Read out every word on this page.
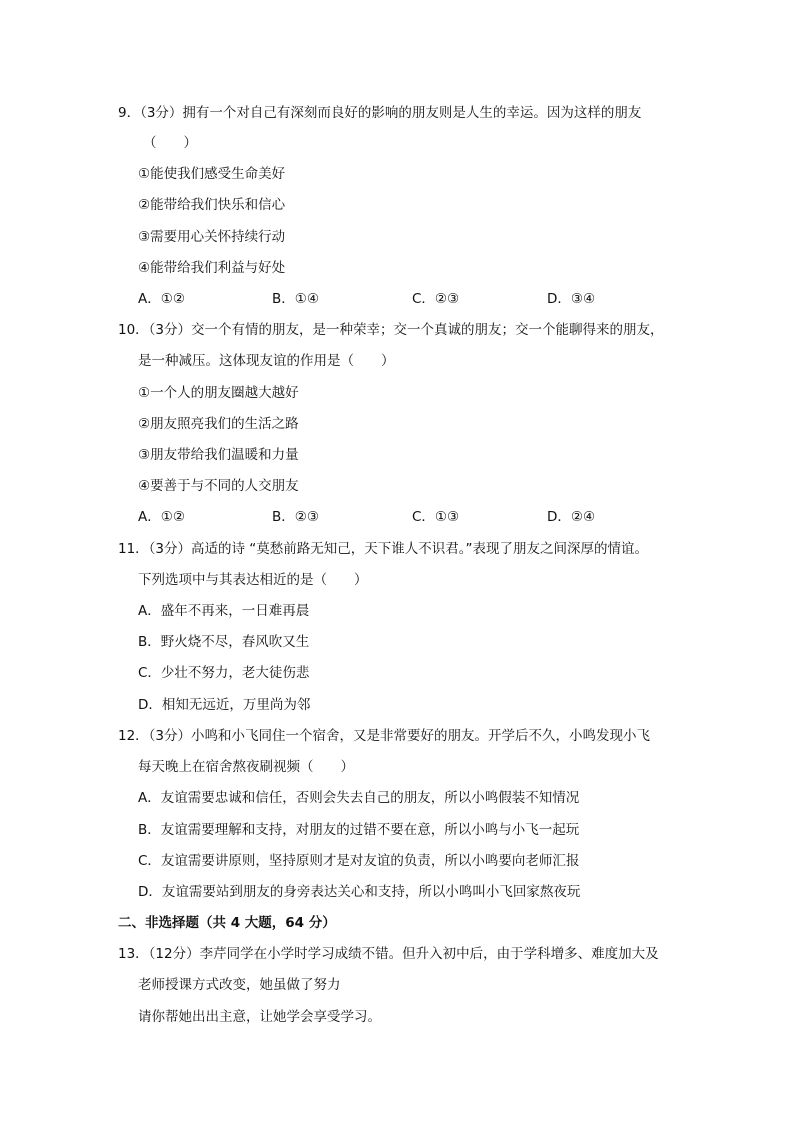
9．（3分）拥有一个对自己有深刻而良好的影响的朋友则是人生的幸运。因为这样的朋友
（　　）
①能使我们感受生命美好
②能带给我们快乐和信心
③需要用心关怀持续行动
④能带给我们利益与好处
A．①②	B．①④	C．②③	D．③④
10．（3分）交一个有情的朋友，是一种荣幸；交一个真诚的朋友；交一个能聊得来的朋友，
是一种减压。这体现友谊的作用是（　　）
①一个人的朋友圈越大越好
②朋友照亮我们的生活之路
③朋友带给我们温暖和力量
④要善于与不同的人交朋友
A．①②	B．②③	C．①③	D．②④
11．（3分）高适的诗 “莫愁前路无知己，天下谁人不识君。”表现了朋友之间深厚的情谊。
下列选项中与其表达相近的是（　　）
A．盛年不再来，一日难再晨
B．野火烧不尽，春风吹又生
C．少壮不努力，老大徒伤悲
D．相知无远近，万里尚为邻
12．（3分）小鸣和小飞同住一个宿舍，又是非常要好的朋友。开学后不久，小鸣发现小飞
每天晚上在宿舍熬夜刷视频（　　）
A．友谊需要忠诚和信任，否则会失去自己的朋友，所以小鸣假装不知情况
B．友谊需要理解和支持，对朋友的过错不要在意，所以小鸣与小飞一起玩
C．友谊需要讲原则，坚持原则才是对友谊的负责，所以小鸣要向老师汇报
D．友谊需要站到朋友的身旁表达关心和支持，所以小鸣叫小飞回家熬夜玩
二、非选择题（共 4 大题，64 分）
13．（12分）李芹同学在小学时学习成绩不错。但升入初中后，由于学科增多、难度加大及
老师授课方式改变，她虽做了努力
请你帮她出出主意，让她学会享受学习。
